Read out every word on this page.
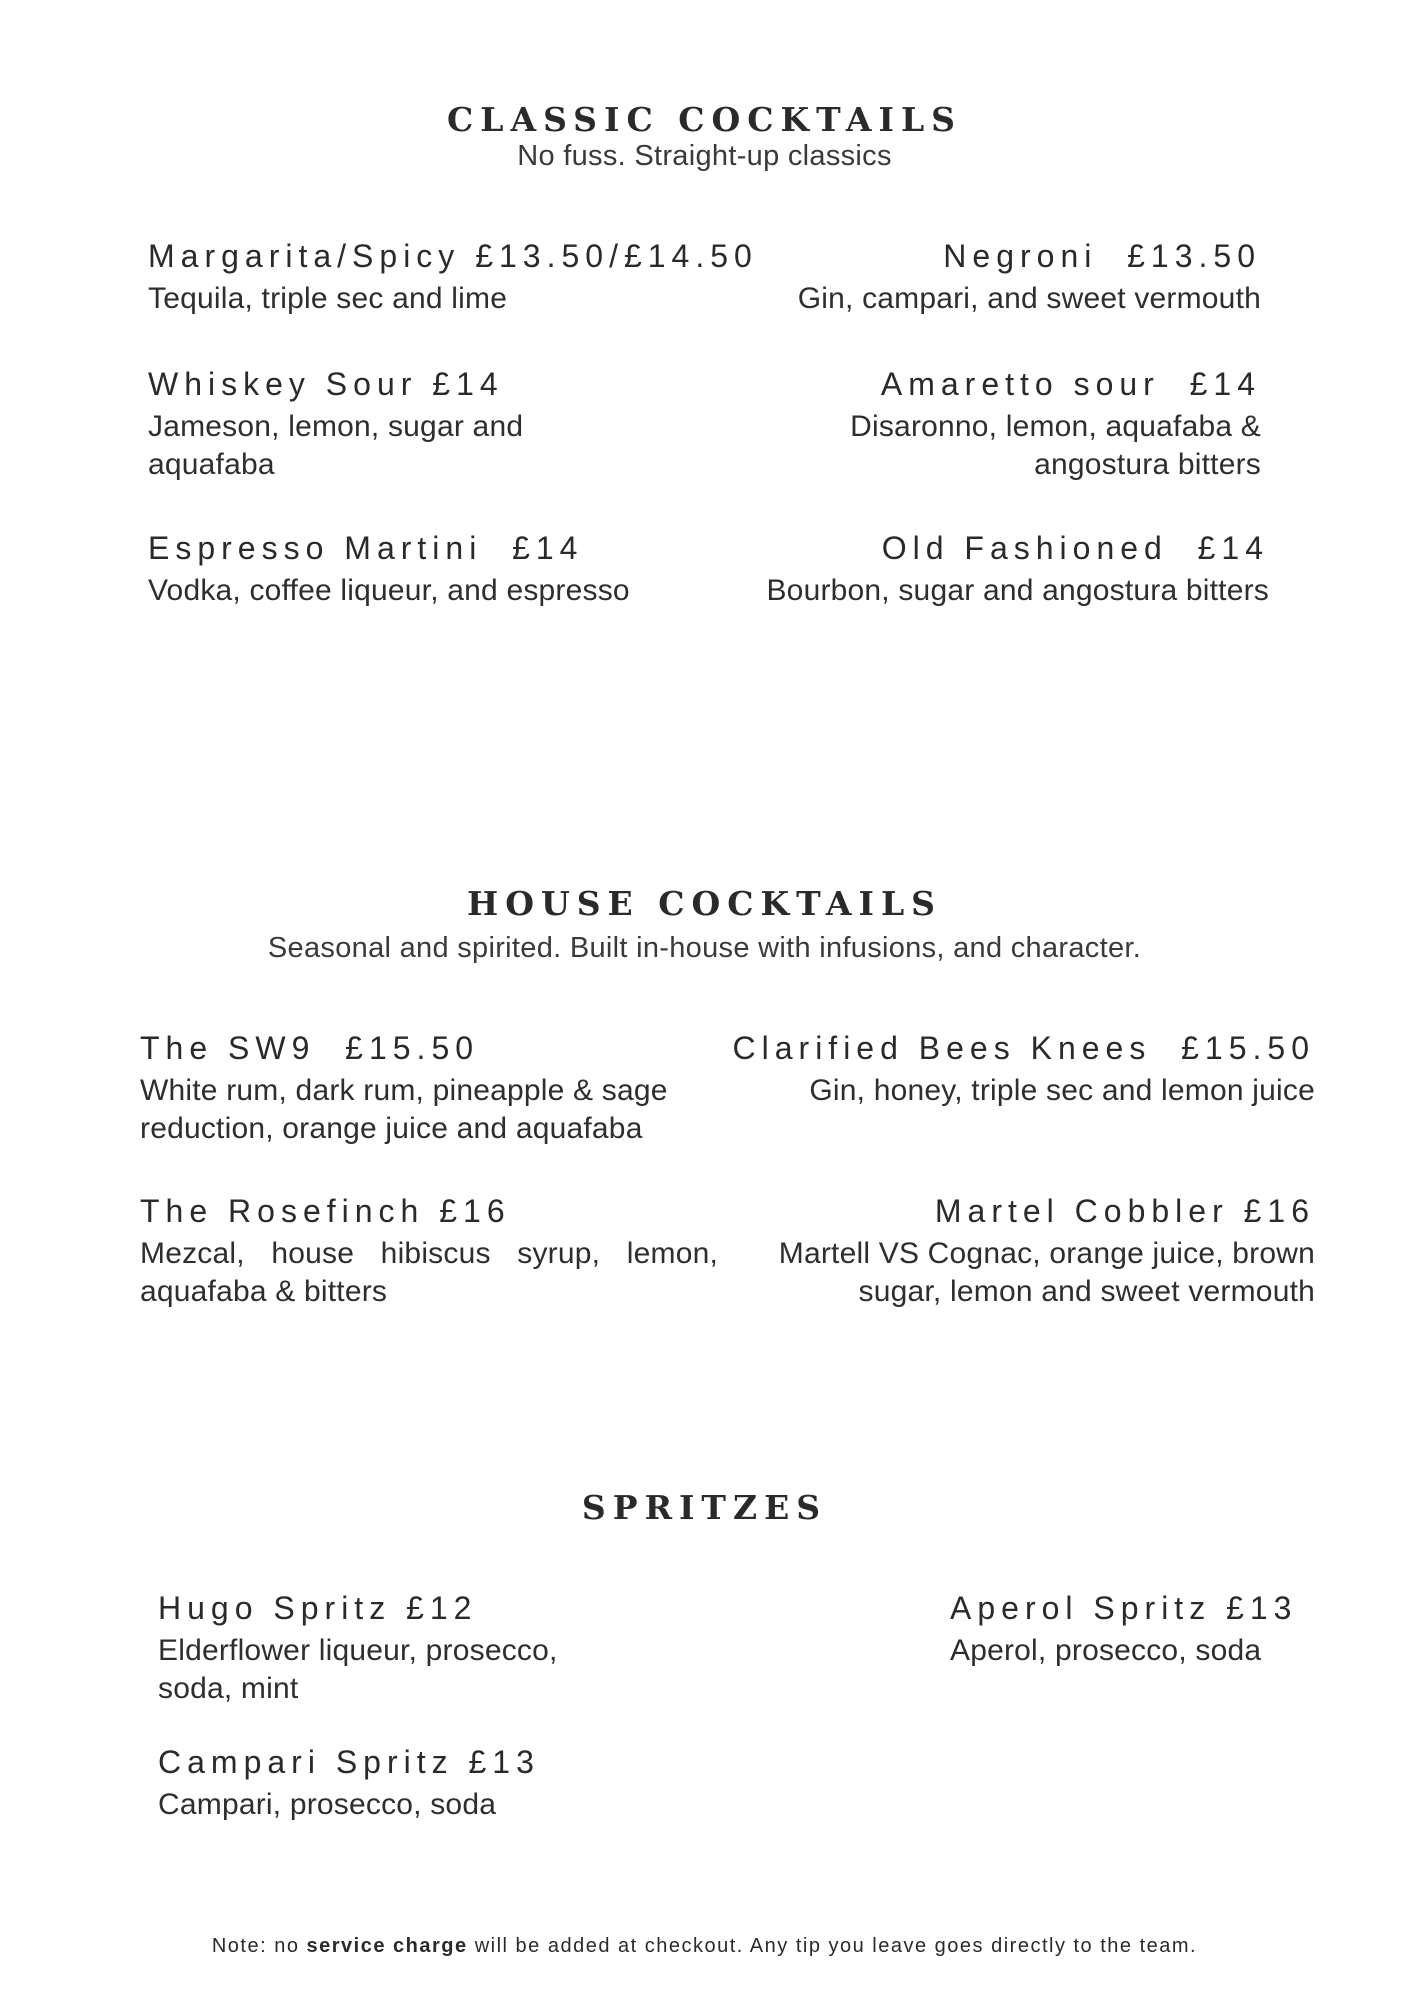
CLASSIC COCKTAILS
No fuss. Straight-up classics
Margarita/Spicy £13.50/£14.50
Tequila, triple sec and lime
Negroni  £13.50
Gin, campari, and sweet vermouth
Whiskey Sour £14
Jameson, lemon, sugar and aquafaba
Amaretto sour  £14
Disaronno, lemon, aquafaba & angostura bitters
Espresso Martini  £14
Vodka, coffee liqueur, and espresso
Old Fashioned  £14
Bourbon, sugar and angostura bitters
HOUSE COCKTAILS
Seasonal and spirited. Built in-house with infusions, and character.
The SW9  £15.50
White rum, dark rum, pineapple & sage reduction, orange juice and aquafaba
Clarified Bees Knees  £15.50
Gin, honey, triple sec and lemon juice
The Rosefinch £16
Mezcal, house hibiscus syrup, lemon, aquafaba & bitters
Martel Cobbler £16
Martell VS Cognac, orange juice, brown sugar, lemon and sweet vermouth
SPRITZES
Hugo Spritz £12
Elderflower liqueur, prosecco, soda, mint
Aperol Spritz £13
Aperol, prosecco, soda
Campari Spritz £13
Campari, prosecco, soda
Note: no service charge will be added at checkout. Any tip you leave goes directly to the team.
